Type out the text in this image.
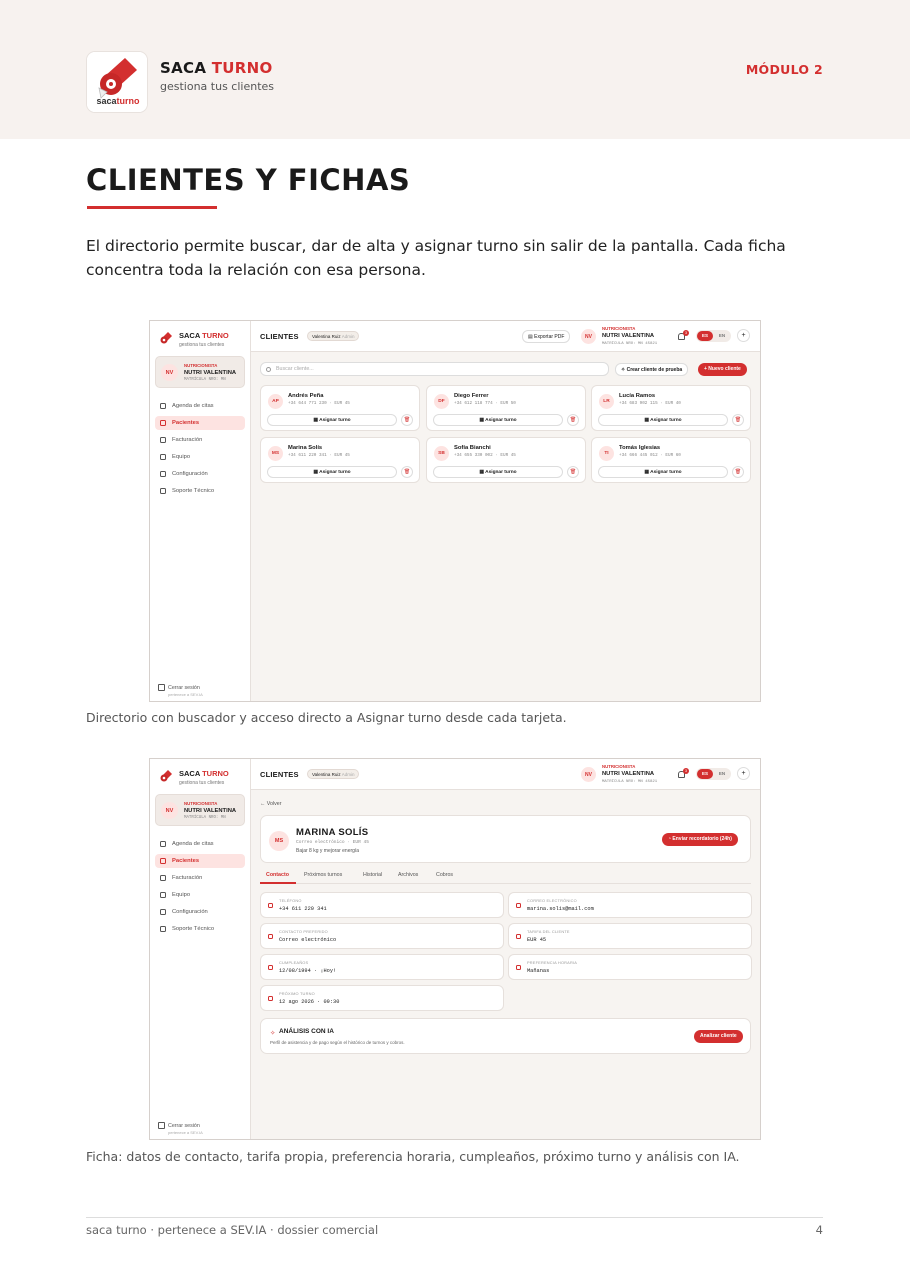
sacaturno
SACA TURNO
gestiona tus clientes
MÓDULO 2
CLIENTES Y FICHAS
El directorio permite buscar, dar de alta y asignar turno sin salir de la pantalla. Cada ficha concentra toda la relación con esa persona.
SACA TURNO
gestiona tus clientes
NV
NUTRICIONISTA
NUTRI VALENTINA
MATRÍCULA NRO: MN
Agenda de citas
Pacientes
Facturación
Equipo
Configuración
Soporte Técnico
Cerrar sesión
pertenece a SEV.IA
CLIENTES	Valentina Ruiz Admin	▤ Exportar PDF	NV
NUTRICIONISTA
NUTRI VALENTINA
MATRÍCULA NRO: MN 45821
3	ES	EN	+
Buscar cliente...	✧ Crear cliente de prueba	+ Nuevo cliente
AP
Andrés Peña
+34 644 771 230 · EUR 45
▦ Asignar turno	🗑
DF
Diego Ferrer
+34 612 118 774 · EUR 50
▦ Asignar turno	🗑
LR
Lucía Ramos
+34 683 902 115 · EUR 40
▦ Asignar turno	🗑
MS
Marina Solís
+34 611 220 341 · EUR 45
▦ Asignar turno	🗑
SB
Sofía Bianchi
+34 655 330 002 · EUR 45
▦ Asignar turno	🗑
TI
Tomás Iglesias
+34 666 445 012 · EUR 60
▦ Asignar turno	🗑
Directorio con buscador y acceso directo a Asignar turno desde cada tarjeta.
SACA TURNO
gestiona tus clientes
NV
NUTRICIONISTA
NUTRI VALENTINA
MATRÍCULA NRO: MN
Agenda de citas
Pacientes
Facturación
Equipo
Configuración
Soporte Técnico
Cerrar sesión
pertenece a SEV.IA
CLIENTES	Valentina Ruiz Admin	NV
NUTRICIONISTA
NUTRI VALENTINA
MATRÍCULA NRO: MN 45821
3	ES	EN	+
← Volver
MS
MARINA SOLÍS
Correo electrónico · EUR 45
Bajar 8 kg y mejorar energía
◔ Enviar recordatorio (24h)
Contacto	Próximos turnos	Historial	Archivos	Cobros
TELÉFONO
+34 611 220 341
CORREO ELECTRÓNICO
marina.solis@mail.com
CONTACTO PREFERIDO
Correo electrónico
TARIFA DEL CLIENTE
EUR 45
CUMPLEAÑOS
12/08/1994 · ¡Hoy!
PREFERENCIA HORARIA
Mañanas
PRÓXIMO TURNO
12 ago 2026 · 09:30
✧ ANÁLISIS CON IA
Perfil de asistencia y de pago según el histórico de turnos y cobros.
Analizar cliente
Ficha: datos de contacto, tarifa propia, preferencia horaria, cumpleaños, próximo turno y análisis con IA.
saca turno · pertenece a SEV.IA · dossier comercial	4
